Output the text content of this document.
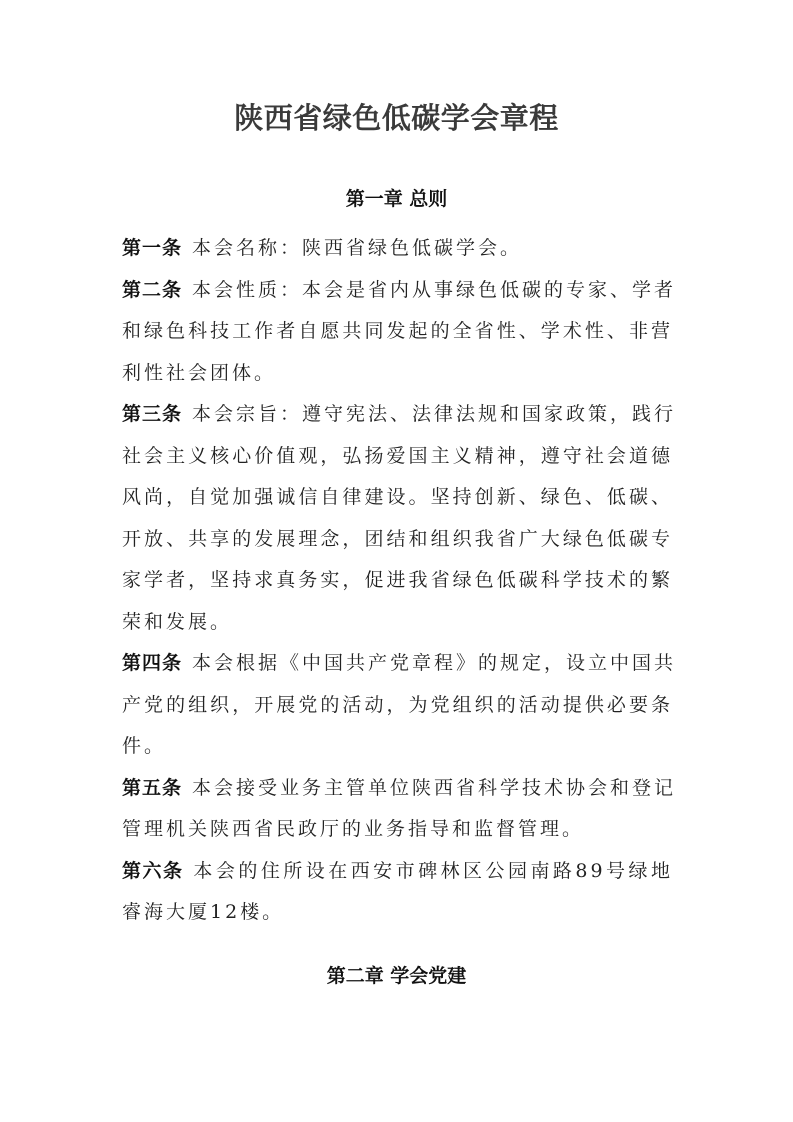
陕西省绿色低碳学会章程
第一章 总则
第一条 本会名称：陕西省绿色低碳学会。
第二条 本会性质：本会是省内从事绿色低碳的专家、学者
和绿色科技工作者自愿共同发起的全省性、学术性、非营
利性社会团体。
第三条 本会宗旨：遵守宪法、法律法规和国家政策，践行
社会主义核心价值观，弘扬爱国主义精神，遵守社会道德
风尚，自觉加强诚信自律建设。坚持创新、绿色、低碳、
开放、共享的发展理念，团结和组织我省广大绿色低碳专
家学者，坚持求真务实，促进我省绿色低碳科学技术的繁
荣和发展。
第四条 本会根据《中国共产党章程》的规定，设立中国共
产党的组织，开展党的活动，为党组织的活动提供必要条
件。
第五条 本会接受业务主管单位陕西省科学技术协会和登记
管理机关陕西省民政厅的业务指导和监督管理。
第六条 本会的住所设在西安市碑林区公园南路89号绿地
睿海大厦12楼。
第二章 学会党建
